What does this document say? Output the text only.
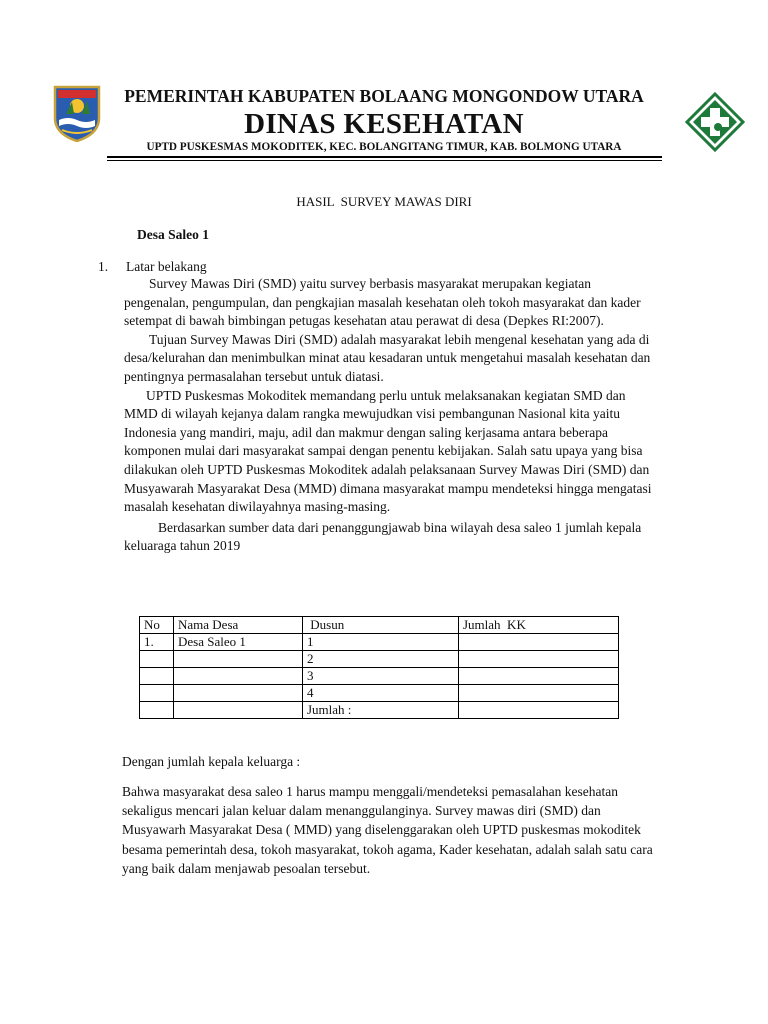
PEMERINTAH KABUPATEN BOLAANG MONGONDOW UTARA
DINAS KESEHATAN
UPTD PUSKESMAS MOKODITEK, KEC. BOLANGITANG TIMUR, KAB. BOLMONG UTARA
HASIL  SURVEY MAWAS DIRI
Desa Saleo 1
1. Latar belakang

Survey Mawas Diri (SMD) yaitu survey berbasis masyarakat merupakan kegiatan pengenalan, pengumpulan, dan pengkajian masalah kesehatan oleh tokoh masyarakat dan kader setempat di bawah bimbingan petugas kesehatan atau perawat di desa (Depkes RI:2007).

Tujuan Survey Mawas Diri (SMD) adalah masyarakat lebih mengenal kesehatan yang ada di desa/kelurahan dan menimbulkan minat atau kesadaran untuk mengetahui masalah kesehatan dan pentingnya permasalahan tersebut untuk diatasi.

UPTD Puskesmas Mokoditek memandang perlu untuk melaksanakan kegiatan SMD dan MMD di wilayah kejanya dalam rangka mewujudkan visi pembangunan Nasional kita yaitu Indonesia yang mandiri, maju, adil dan makmur dengan saling kerjasama antara beberapa komponen mulai dari masyarakat sampai dengan penentu kebijakan. Salah satu upaya yang bisa dilakukan oleh UPTD Puskesmas Mokoditek adalah pelaksanaan Survey Mawas Diri (SMD) dan Musyawarah Masyarakat Desa (MMD) dimana masyarakat mampu mendeteksi hingga mengatasi masalah kesehatan diwilayahnya masing-masing.

Berdasarkan sumber data dari penanggungjawab bina wilayah desa saleo 1 jumlah kepala keluaraga tahun 2019

No	Nama Desa	Dusun	Jumlah  KK
1.	Desa Saleo 1	1	
		2	
		3	
		4	
		Jumlah :	
Dengan jumlah kepala keluarga :
Bahwa masyarakat desa saleo 1 harus mampu menggali/mendeteksi pemasalahan kesehatan sekaligus mencari jalan keluar dalam menanggulanginya. Survey mawas diri (SMD) dan Musyawarh Masyarakat Desa ( MMD) yang diselenggarakan oleh UPTD puskesmas mokoditek besama pemerintah desa, tokoh masyarakat, tokoh agama, Kader kesehatan, adalah salah satu cara yang baik dalam menjawab pesoalan tersebut.
